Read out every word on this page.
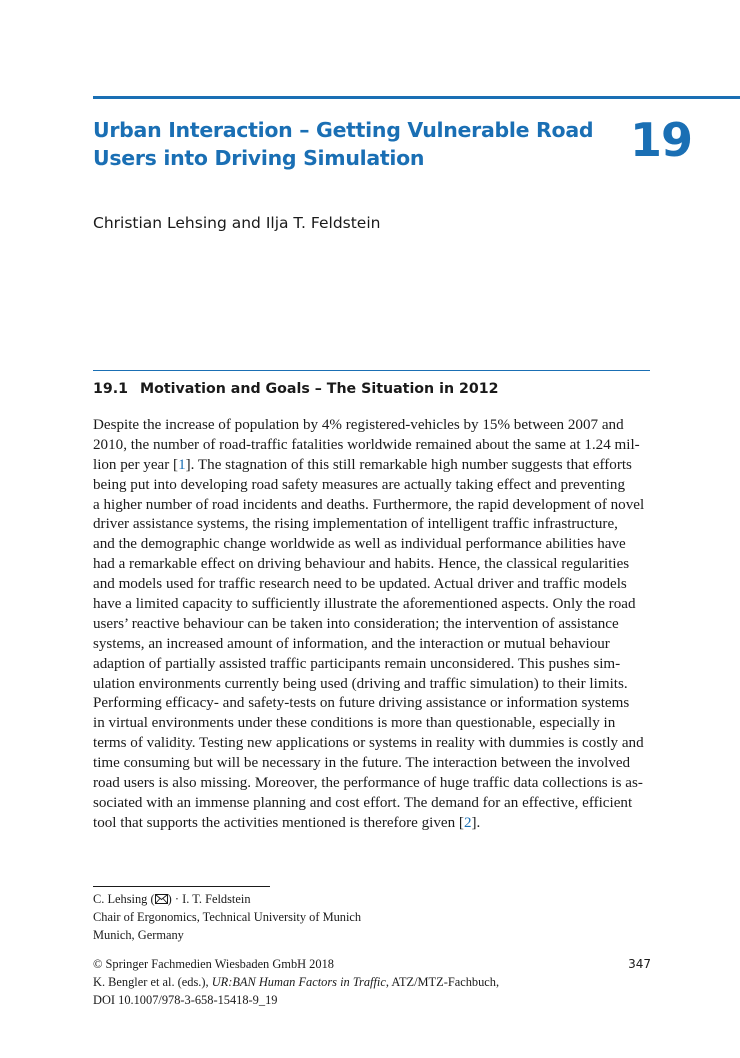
Urban Interaction – Getting Vulnerable Road
Users into Driving Simulation	19

Christian Lehsing and Ilja T. Feldstein

19.1 Motivation and Goals – The Situation in 2012
Despite the increase of population by 4% registered-vehicles by 15% between 2007 and
2010, the number of road-traffic fatalities worldwide remained about the same at 1.24 mil-
lion per year [1]. The stagnation of this still remarkable high number suggests that efforts
being put into developing road safety measures are actually taking effect and preventing
a higher number of road incidents and deaths. Furthermore, the rapid development of novel
driver assistance systems, the rising implementation of intelligent traffic infrastructure,
and the demographic change worldwide as well as individual performance abilities have
had a remarkable effect on driving behaviour and habits. Hence, the classical regularities
and models used for traffic research need to be updated. Actual driver and traffic models
have a limited capacity to sufficiently illustrate the aforementioned aspects. Only the road
users’ reactive behaviour can be taken into consideration; the intervention of assistance
systems, an increased amount of information, and the interaction or mutual behaviour
adaption of partially assisted traffic participants remain unconsidered. This pushes sim-
ulation environments currently being used (driving and traffic simulation) to their limits.
Performing efficacy- and safety-tests on future driving assistance or information systems
in virtual environments under these conditions is more than questionable, especially in
terms of validity. Testing new applications or systems in reality with dummies is costly and
time consuming but will be necessary in the future. The interaction between the involved
road users is also missing. Moreover, the performance of huge traffic data collections is as-
sociated with an immense planning and cost effort. The demand for an effective, efficient
tool that supports the activities mentioned is therefore given [2].
C. Lehsing ( ) · I. T. Feldstein
Chair of Ergonomics, Technical University of Munich
Munich, Germany
© Springer Fachmedien Wiesbaden GmbH 2018
K. Bengler et al. (eds.), UR:BAN Human Factors in Traffic, ATZ/MTZ-Fachbuch,
DOI 10.1007/978-3-658-15418-9_19
347
